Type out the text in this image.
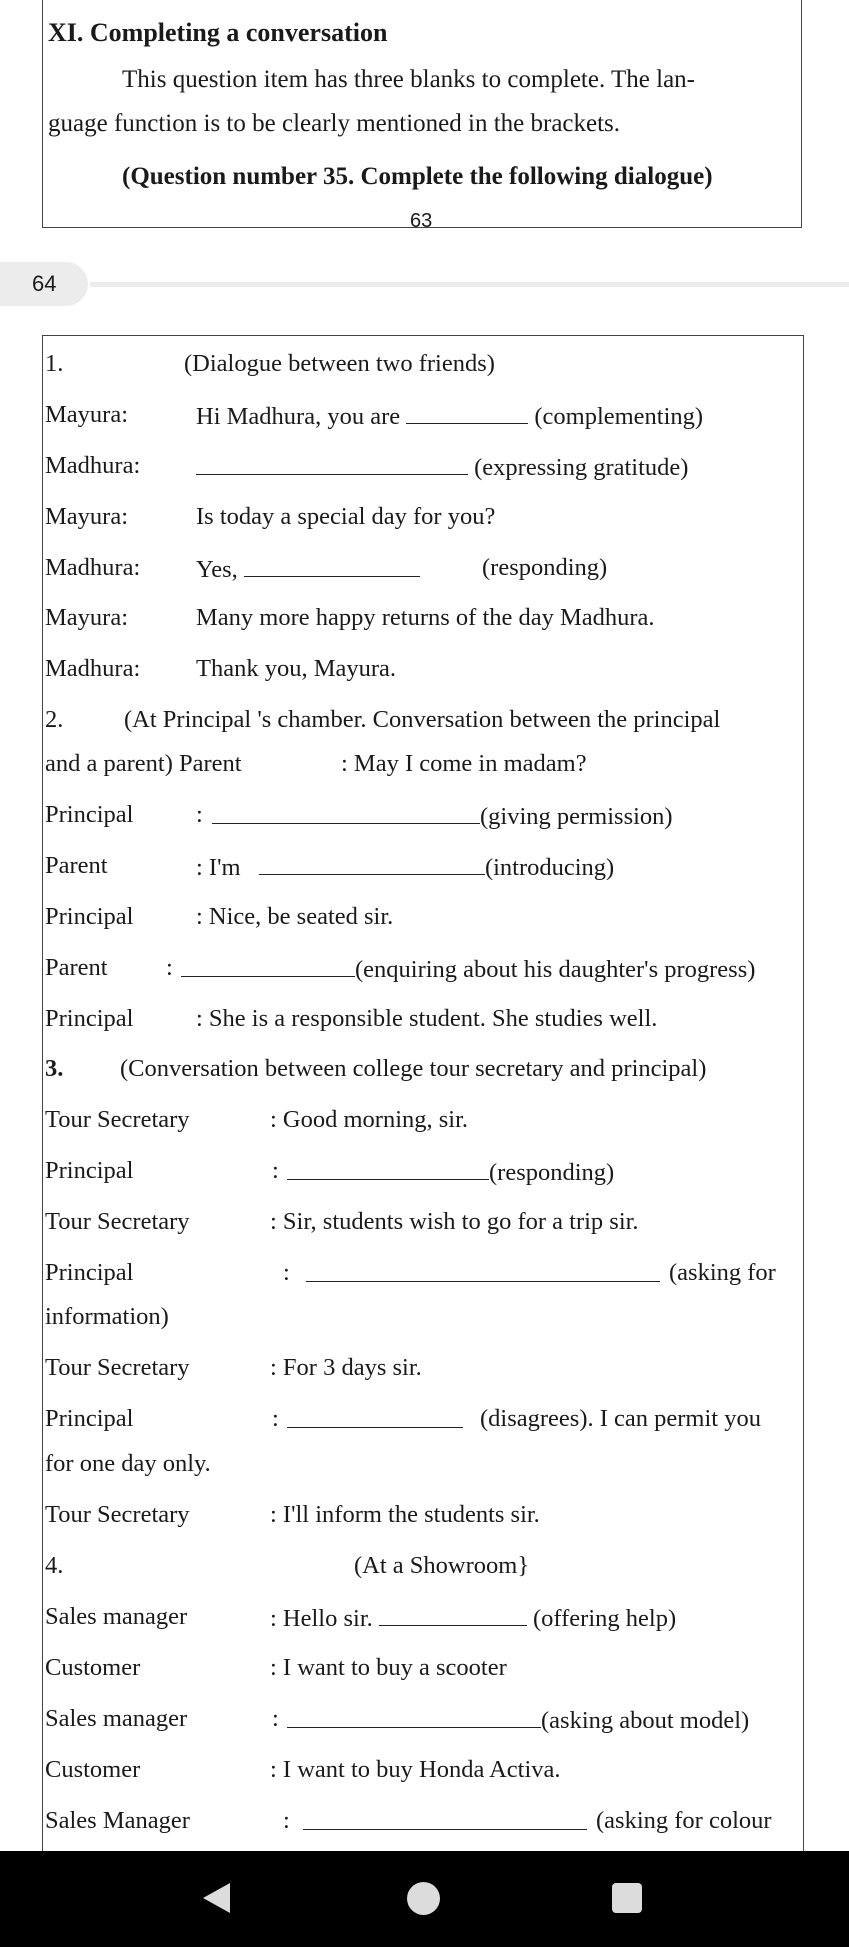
XI. Completing a conversation
This question item has three blanks to complete. The lan-
guage function is to be clearly mentioned in the brackets.
(Question number 35. Complete the following dialogue)
63
64
1.	(Dialogue between two friends)
Mayura:	Hi Madhura, you are	(complementing)
Madhura:	(expressing gratitude)
Mayura:	Is today a special day for you?
Madhura: Yes,	(responding)
Mayura:	Many more happy returns of the day Madhura.
Madhura: Thank you, Mayura.
2. (At Principal 's chamber. Conversation between the principal
and a parent) Parent	: May I come in madam?
Principal	:	(giving permission)
Parent	: I'm	(introducing)
Principal	: Nice, be seated sir.
Parent :	(enquiring about his daughter's progress)
Principal	: She is a responsible student. She studies well.
3. (Conversation between college tour secretary and principal)
Tour Secretary	: Good morning, sir.
Principal	:	(responding)
Tour Secretary	: Sir, students wish to go for a trip sir.
Principal	:	(asking for
information)
Tour Secretary	: For 3 days sir.
Principal	:	(disagrees). I can permit you
for one day only.
Tour Secretary	: I'll inform the students sir.
4.	(At a Showroom}
Sales manager	: Hello sir.	(offering help)
Customer	: I want to buy a scooter
Sales manager	:	(asking about model)
Customer	: I want to buy Honda Activa.
Sales Manager	:	(asking for colour
